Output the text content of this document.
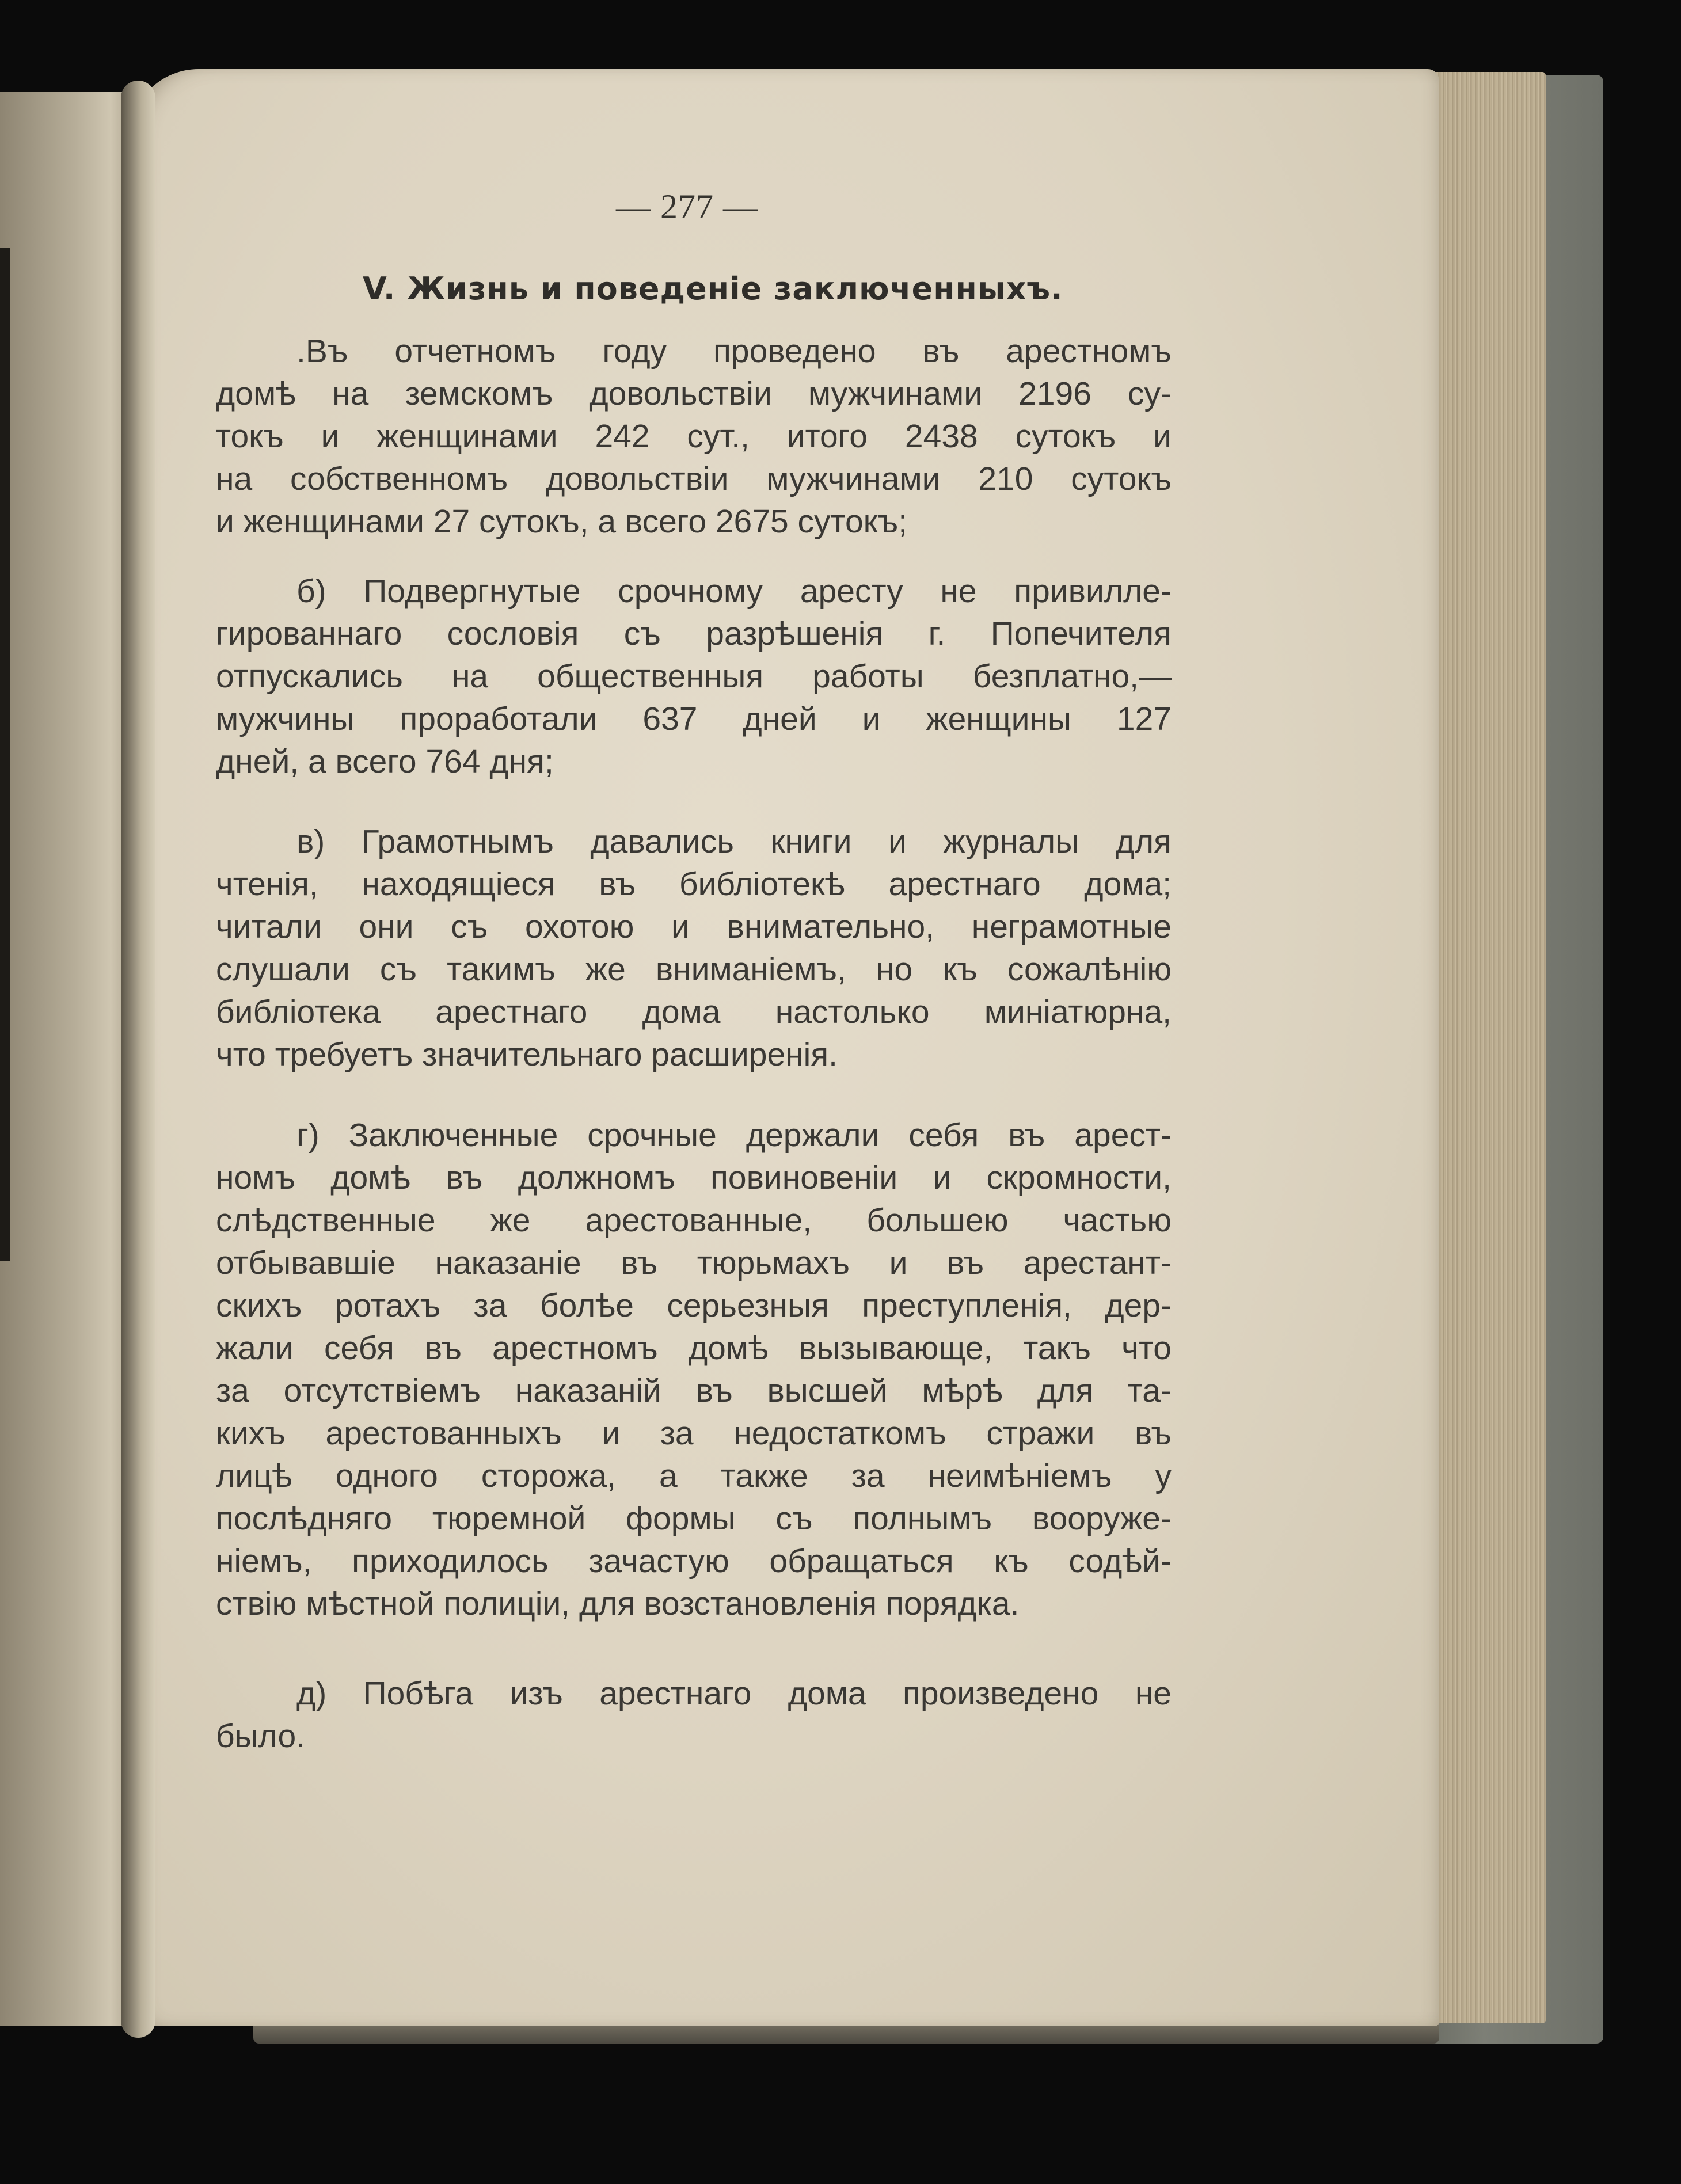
— 277 —
V. Жизнь и поведеніе заключенныхъ.
.Въ отчетномъ году проведено въ арестномъ
домѣ на земскомъ довольствіи мужчинами 2196 су-
токъ и женщинами 242 сут., итого 2438 сутокъ и
на собственномъ довольствіи мужчинами 210 сутокъ
и женщинами 27 сутокъ, а всего 2675 сутокъ;
б) Подвергнутые срочному аресту не привилле-
гированнаго сословія съ разрѣшенія г. Попечителя
отпускались на общественныя работы безплатно,—
мужчины проработали 637 дней и женщины 127
дней, а всего 764 дня;
в) Грамотнымъ давались книги и журналы для
чтенія, находящіеся въ библіотекѣ арестнаго дома;
читали они съ охотою и внимательно, неграмотные
слушали съ такимъ же вниманіемъ, но къ сожалѣнію
библіотека арестнаго дома настолько миніатюрна,
что требуетъ значительнаго расширенія.
г) Заключенные срочные держали себя въ арест-
номъ домѣ въ должномъ повиновеніи и скромности,
слѣдственные же арестованные, большею частью
отбывавшіе наказаніе въ тюрьмахъ и въ арестант-
скихъ ротахъ за болѣе серьезныя преступленія, дер-
жали себя въ арестномъ домѣ вызывающе, такъ что
за отсутствіемъ наказаній въ высшей мѣрѣ для та-
кихъ арестованныхъ и за недостаткомъ стражи въ
лицѣ одного сторожа, а также за неимѣніемъ у
послѣдняго тюремной формы съ полнымъ вооруже-
ніемъ, приходилось зачастую обращаться къ содѣй-
ствію мѣстной полиціи, для возстановленія порядка.
д) Побѣга изъ арестнаго дома произведено не
было.
